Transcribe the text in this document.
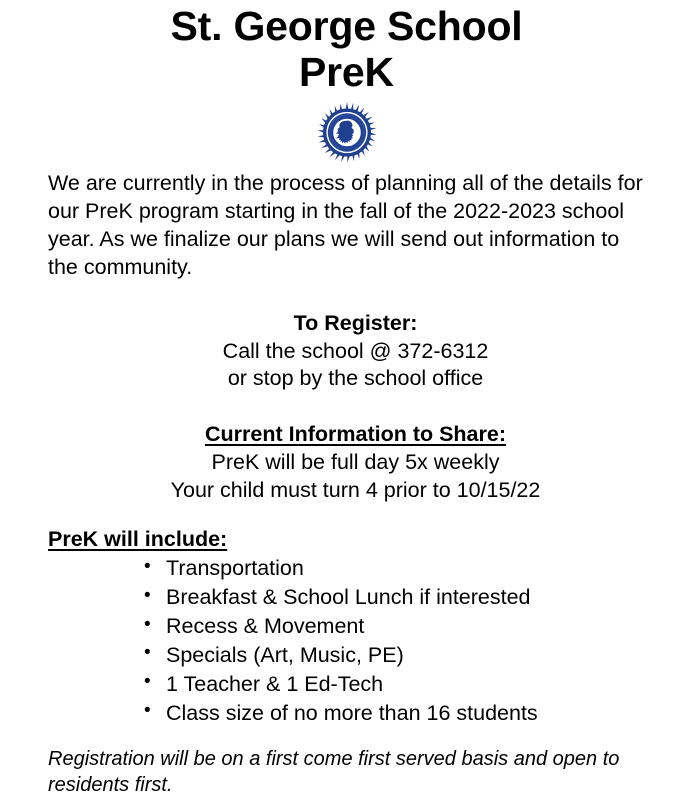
St. George School
PreK

We are currently in the process of planning all of the details for our PreK program starting in the fall of the 2022-2023 school year. As we finalize our plans we will send out information to the community.

To Register:
Call the school @ 372-6312
or stop by the school office
Current Information to Share:
PreK will be full day 5x weekly
Your child must turn 4 prior to 10/15/22
PreK will include:
• Transportation
• Breakfast & School Lunch if interested
• Recess & Movement
• Specials (Art, Music, PE)
• 1 Teacher & 1 Ed-Tech
• Class size of no more than 16 students

Registration will be on a first come first served basis and open to residents first.
